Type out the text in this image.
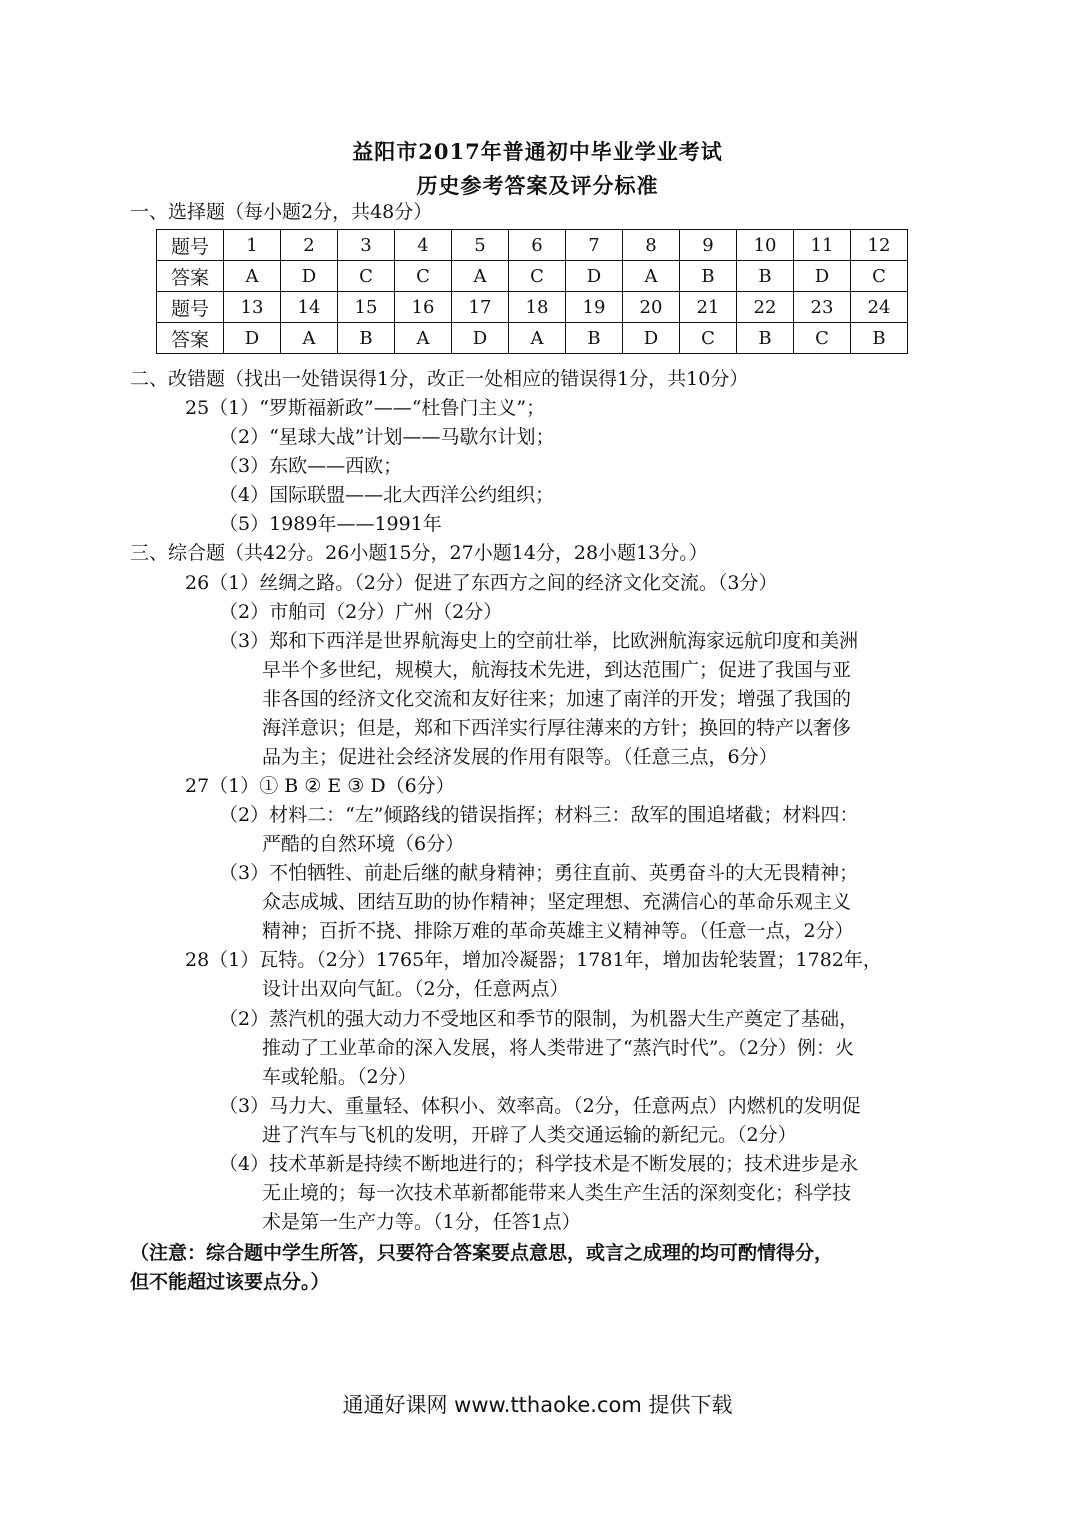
益阳市2017年普通初中毕业学业考试
历史参考答案及评分标准
一、选择题（每小题2分，共48分）
题号	1	2	3	4	5	6	7	8	9	10	11	12
答案	A	D	C	C	A	C	D	A	B	B	D	C
题号	13	14	15	16	17	18	19	20	21	22	23	24
答案	D	A	B	A	D	A	B	D	C	B	C	B
二、改错题（找出一处错误得1分，改正一处相应的错误得1分，共10分）
25（1）“罗斯福新政”——“杜鲁门主义”；
（2）“星球大战”计划——马歇尔计划；
（3）东欧——西欧；
（4）国际联盟——北大西洋公约组织；
（5）1989年——1991年
三、综合题（共42分。26小题15分，27小题14分，28小题13分。）
26（1）丝绸之路。（2分）促进了东西方之间的经济文化交流。（3分）
（2）市舶司（2分）广州（2分）
（3）郑和下西洋是世界航海史上的空前壮举，比欧洲航海家远航印度和美洲
早半个多世纪，规模大，航海技术先进，到达范围广；促进了我国与亚
非各国的经济文化交流和友好往来；加速了南洋的开发；增强了我国的
海洋意识；但是，郑和下西洋实行厚往薄来的方针；换回的特产以奢侈
品为主；促进社会经济发展的作用有限等。（任意三点，6分）
27（1）① B ② E ③ D（6分）
（2）材料二：“左”倾路线的错误指挥；材料三：敌军的围追堵截；材料四：
严酷的自然环境（6分）
（3）不怕牺牲、前赴后继的献身精神；勇往直前、英勇奋斗的大无畏精神；
众志成城、团结互助的协作精神；坚定理想、充满信心的革命乐观主义
精神；百折不挠、排除万难的革命英雄主义精神等。（任意一点，2分）
28（1）瓦特。（2分）1765年，增加冷凝器；1781年，增加齿轮装置；1782年，
设计出双向气缸。（2分，任意两点）
（2）蒸汽机的强大动力不受地区和季节的限制，为机器大生产奠定了基础，
推动了工业革命的深入发展，将人类带进了“蒸汽时代”。（2分）例：火
车或轮船。（2分）
（3）马力大、重量轻、体积小、效率高。（2分，任意两点）内燃机的发明促
进了汽车与飞机的发明，开辟了人类交通运输的新纪元。（2分）
（4）技术革新是持续不断地进行的；科学技术是不断发展的；技术进步是永
无止境的；每一次技术革新都能带来人类生产生活的深刻变化；科学技
术是第一生产力等。（1分，任答1点）
（注意：综合题中学生所答，只要符合答案要点意思，或言之成理的均可酌情得分，
但不能超过该要点分。）
通通好课网 www.tthaoke.com 提供下载
